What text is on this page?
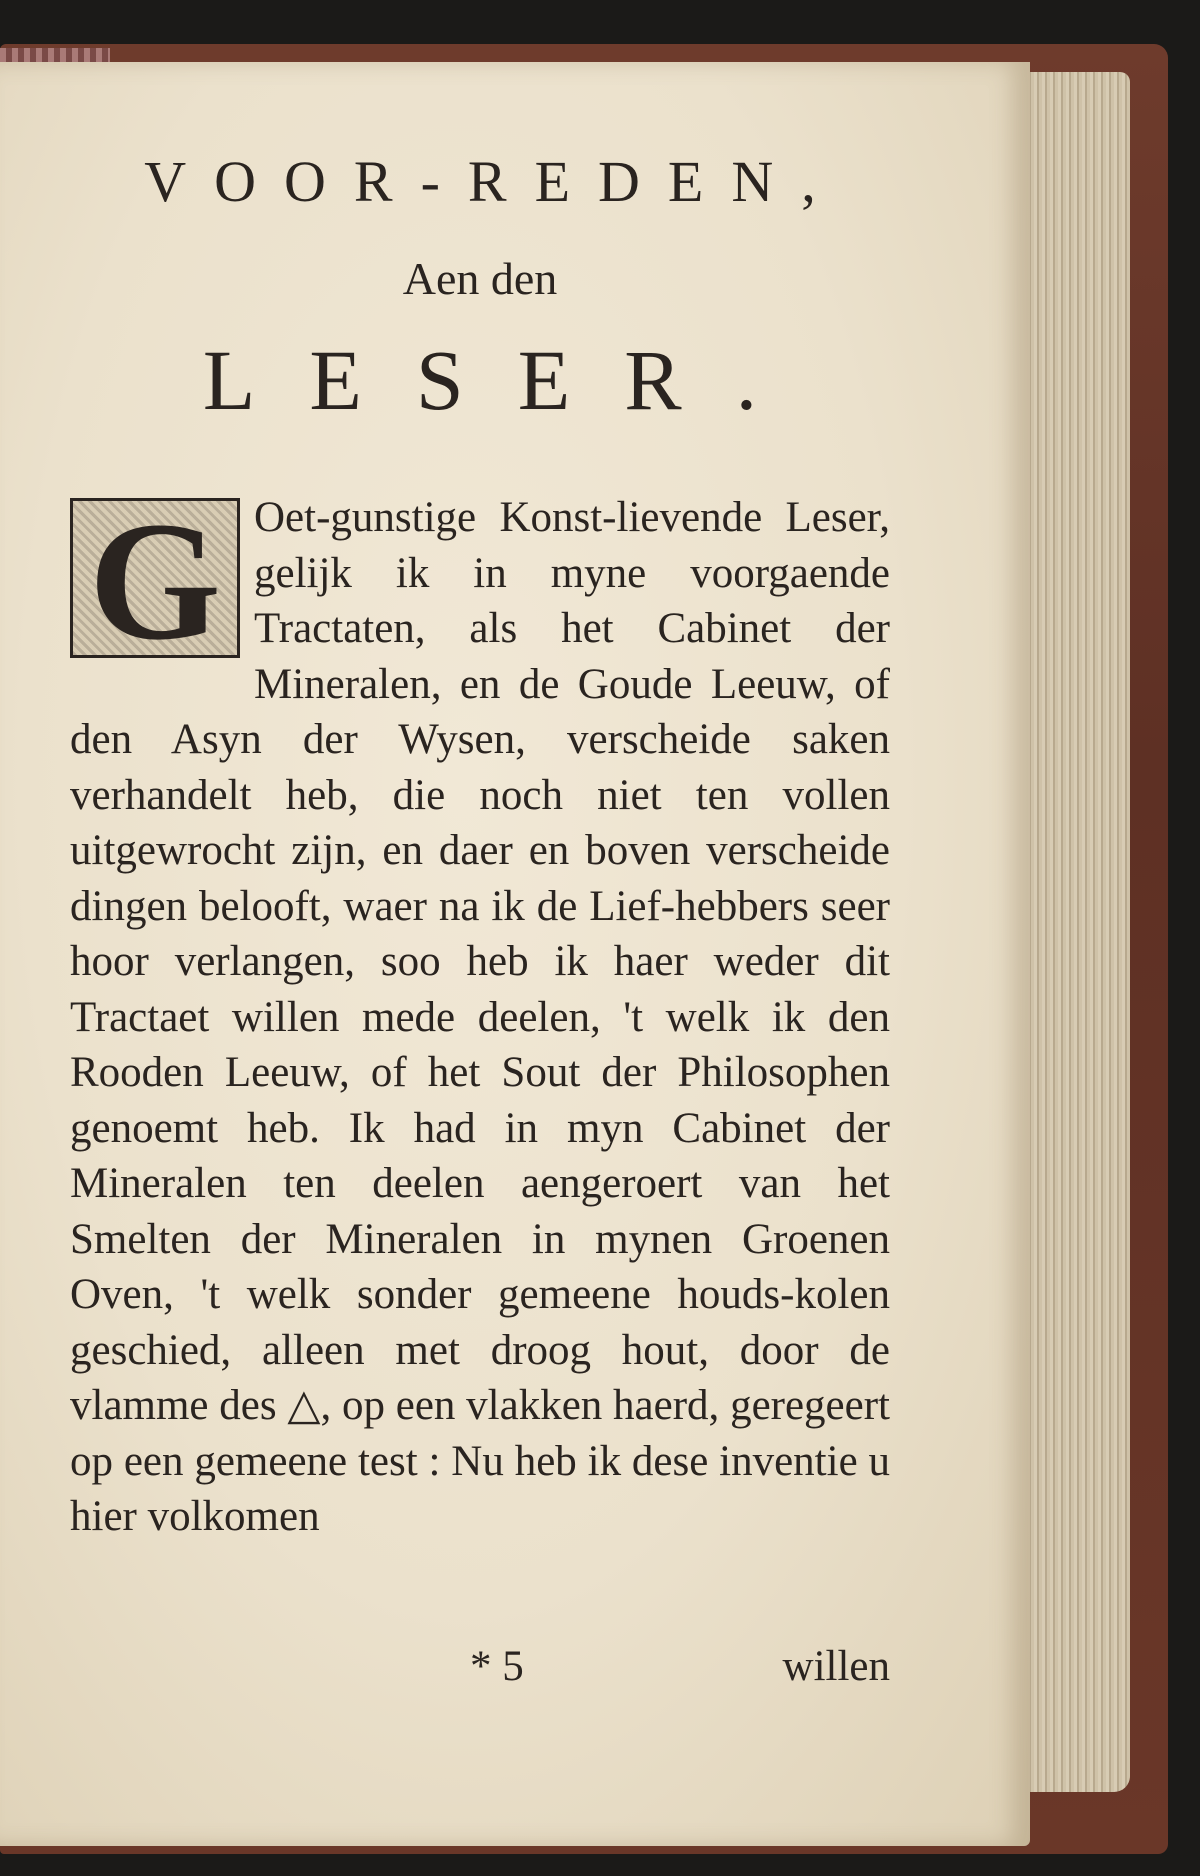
VOOR-REDEN,
Aen den
LESER.
G Oet-gunstige Konst-lievende Leser, gelijk ik in myne voorgaende Tractaten, als het Cabinet der Mineralen, en de Goude Leeuw, of den Asyn der Wysen, verscheide saken verhandelt heb, die noch niet ten vollen uitgewrocht zijn, en daer en boven verscheide dingen belooft, waer na ik de Lief-hebbers seer hoor verlangen, soo heb ik haer weder dit Tractaet willen mede deelen, 't welk ik den Rooden Leeuw, of het Sout der Philosophen genoemt heb. Ik had in myn Cabinet der Mineralen ten deelen aengeroert van het Smelten der Mineralen in mynen Groenen Oven, 't welk sonder gemeene houds-kolen geschied, alleen met droog hout, door de vlamme des △, op een vlakken haerd, geregeert op een gemeene test : Nu heb ik dese inventie u hier volkomen

* 5	willen
